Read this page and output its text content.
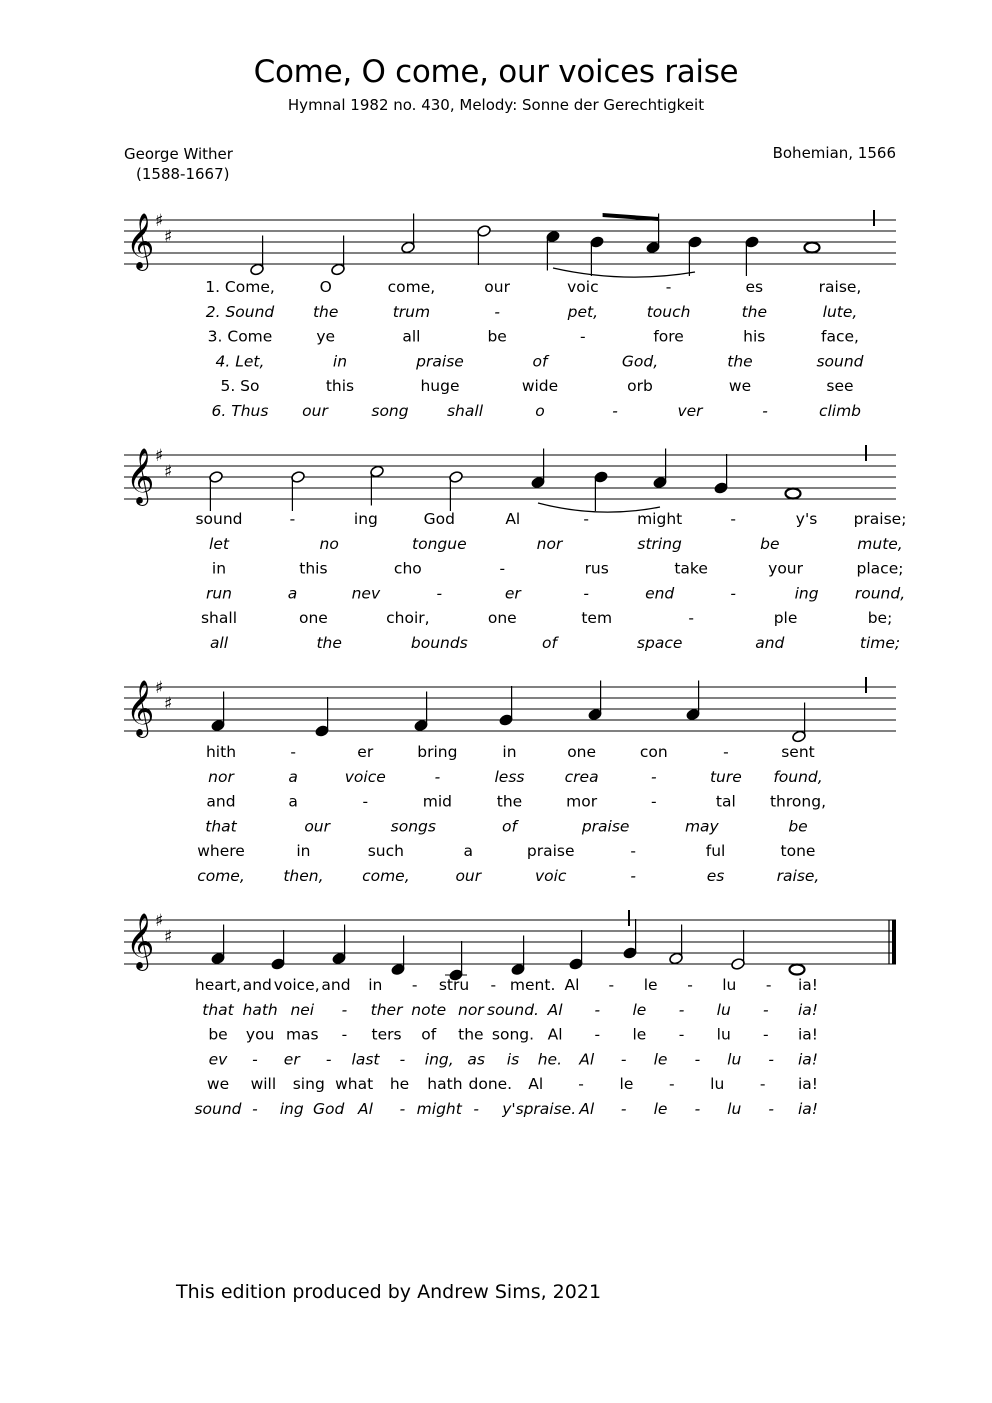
Come, O come, our voices raise
Hymnal 1982 no. 430, Melody: Sonne der Gerechtigkeit
George Wither
(1588-1667)
Bohemian, 1566
𝄞 ♯
♯
1. Come,	O	come,	our	voic	-	es	raise,
2. Sound the	trum	-	pet,	touch	the	lute,
3. Come	ye	all	be	-	fore	his	face,
4. Let,	in	praise	of	God,	the	sound
5. So	this	huge	wide	orb	we	see
6. Thus our	song shall	o	-	ver	-	climb
𝄞 ♯
♯
sound	-	ing	God	Al	-	might	-	y's praise;
let	no	tongue	nor	string	be	mute,
in	this	cho	-	rus	take	your	place;
run	a	nev	-	er	-	end	-	ing round,
shall	one	choir,	one	tem	-	ple	be;
all	the	bounds	of	space	and	time;
𝄞 ♯
♯
hith	-	er	bring	in	one	con	-	sent
nor	a	voice	-	less	crea	-	ture found,
and	a	-	mid	the	mor	-	tal throng,
that	our	songs	of	praise	may	be
where	in	such	a	praise	-	ful	tone
come, then, come,	our	voic	-	es	raise,
𝄞 ♯
♯
heart, and voice, and in - stru - ment. Al - le - lu - ia!
that hath nei - ther note nor sound. Al - le - lu - ia!
be you mas - ters of the song. Al - le - lu - ia!
ev - er - last - ing, as is he. Al - le - lu - ia!
we will sing what he hath done. Al - le - lu - ia!
sound - ing God Al - might - y's praise. Al - le - lu - ia!
This edition produced by Andrew Sims, 2021
